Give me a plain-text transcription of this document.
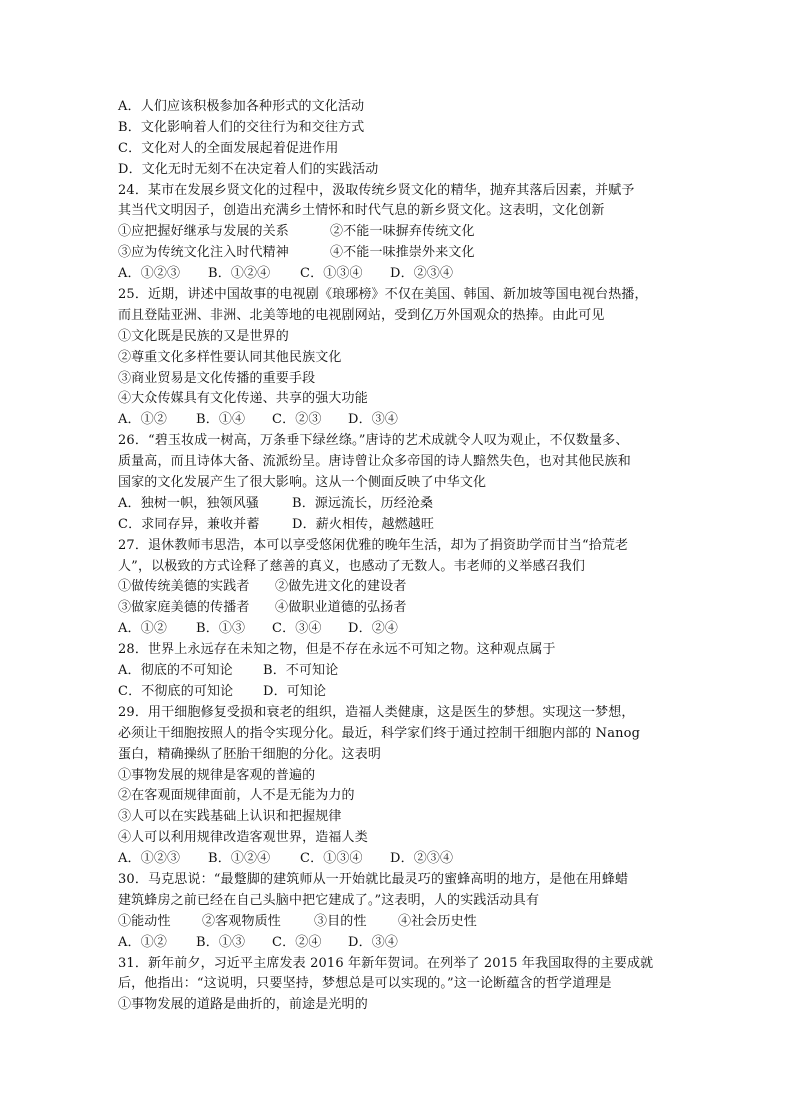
A．人们应该积极参加各种形式的文化活动
B．文化影响着人们的交往行为和交往方式
C．文化对人的全面发展起着促进作用
D．文化无时无刻不在决定着人们的实践活动
24．某市在发展乡贤文化的过程中，汲取传统乡贤文化的精华，抛弃其落后因素，并赋予
其当代文明因子，创造出充满乡土情怀和时代气息的新乡贤文化。这表明，文化创新
①应把握好继承与发展的关系	②不能一味摒弃传统文化
③应为传统文化注入时代精神	④不能一味推崇外来文化
A．①②③	B．①②④	C．①③④	D．②③④
25．近期，讲述中国故事的电视剧《琅琊榜》不仅在美国、韩国、新加坡等国电视台热播，
而且登陆亚洲、非洲、北美等地的电视剧网站，受到亿万外国观众的热捧。由此可见
①文化既是民族的又是世界的
②尊重文化多样性要认同其他民族文化
③商业贸易是文化传播的重要手段
④大众传媒具有文化传递、共享的强大功能
A．①②	B．①④	C．②③	D．③④
26．“碧玉妆成一树高，万条垂下绿丝绦。”唐诗的艺术成就令人叹为观止，不仅数量多、
质量高，而且诗体大备、流派纷呈。唐诗曾让众多帝国的诗人黯然失色，也对其他民族和
国家的文化发展产生了很大影响。这从一个侧面反映了中华文化
A．独树一帜，独领风骚	B．源远流长，历经沧桑
C．求同存异，兼收并蓄	D．薪火相传，越燃越旺
27．退休教师韦思浩，本可以享受悠闲优雅的晚年生活，却为了捐资助学而甘当“拾荒老
人”，以极致的方式诠释了慈善的真义，也感动了无数人。韦老师的义举感召我们
①做传统美德的实践者	②做先进文化的建设者
③做家庭美德的传播者	④做职业道德的弘扬者
A．①②	B．①③	C．③④	D．②④
28．世界上永远存在未知之物，但是不存在永远不可知之物。这种观点属于
A．彻底的不可知论	B．不可知论
C．不彻底的可知论	D．可知论
29．用干细胞修复受损和衰老的组织，造福人类健康，这是医生的梦想。实现这一梦想，
必须让干细胞按照人的指令实现分化。最近，科学家们终于通过控制干细胞内部的 Nanog
蛋白，精确操纵了胚胎干细胞的分化。这表明
①事物发展的规律是客观的普遍的
②在客观面规律面前，人不是无能为力的
③人可以在实践基础上认识和把握规律
④人可以利用规律改造客观世界，造福人类
A．①②③	B．①②④	C．①③④	D．②③④
30．马克思说：“最蹩脚的建筑师从一开始就比最灵巧的蜜蜂高明的地方，是他在用蜂蜡
建筑蜂房之前已经在自己头脑中把它建成了。”这表明，人的实践活动具有
①能动性	②客观物质性	③目的性	④社会历史性
A．①②	B．①③	C．②④	D．③④
31．新年前夕，习近平主席发表 2016 年新年贺词。在列举了 2015 年我国取得的主要成就
后，他指出：“这说明，只要坚持，梦想总是可以实现的。”这一论断蕴含的哲学道理是
①事物发展的道路是曲折的，前途是光明的
